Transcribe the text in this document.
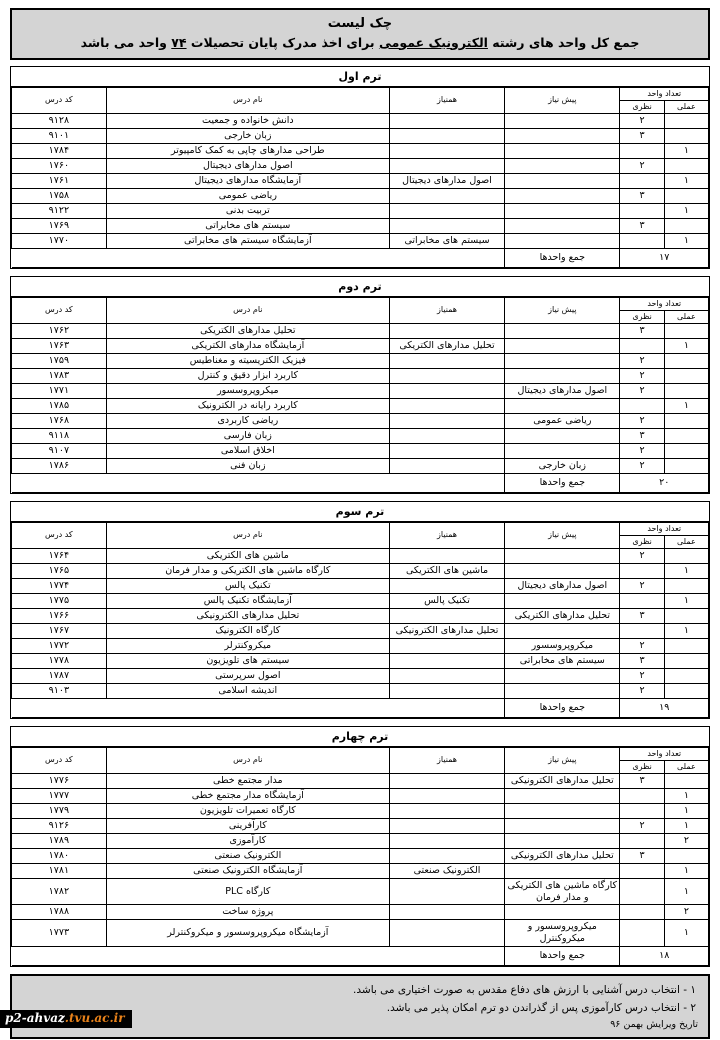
چک لیست
جمع کل واحد های رشته الکترونیک عمومی برای اخذ مدرک پایان تحصیلات ۷۴ واحد می باشد
ترم اول
تعداد واحد		پیش نیاز	همنیاز	نام درس	کد درس
عملی	نظری				
	۲			دانش خانواده و جمعیت	۹۱۲۸
	۳			زبان خارجی	۹۱۰۱
۱				طراحی مدارهای چاپی به کمک کامپیوتر	۱۷۸۴
	۲			اصول مدارهای دیجیتال	۱۷۶۰
۱			اصول مدارهای دیجیتال	آزمایشگاه مدارهای دیجیتال	۱۷۶۱
	۳			ریاضی عمومی	۱۷۵۸
۱				تربیت بدنی	۹۱۲۲
	۳			سیستم های مخابراتی	۱۷۶۹
۱			سیستم های مخابراتی	آزمایشگاه سیستم های مخابراتی	۱۷۷۰
۱۷		جمع واحدها			
ترم دوم
تعداد واحد		پیش نیاز	همنیاز	نام درس	کد درس
عملی	نظری				
	۳			تحلیل مدارهای الکتریکی	۱۷۶۲
۱			تحلیل مدارهای الکتریکی	آزمایشگاه مدارهای الکتریکی	۱۷۶۳
	۲			فیزیک الکتریسیته و مغناطیس	۱۷۵۹
	۲			کاربرد ابزار دقیق و کنترل	۱۷۸۳
	۲	اصول مدارهای دیجیتال		میکروپروسسور	۱۷۷۱
۱				کاربرد رایانه در الکترونیک	۱۷۸۵
	۲	ریاضی عمومی		ریاضی کاربردی	۱۷۶۸
	۳			زبان فارسی	۹۱۱۸
	۲			اخلاق اسلامی	۹۱۰۷
	۲	زبان خارجی		زبان فنی	۱۷۸۶
۲۰		جمع واحدها			
ترم سوم
تعداد واحد		پیش نیاز	همنیاز	نام درس	کد درس
عملی	نظری				
	۲			ماشین های الکتریکی	۱۷۶۴
۱			ماشین های الکتریکی	کارگاه ماشین های الکتریکی و مدار فرمان	۱۷۶۵
	۲	اصول مدارهای دیجیتال		تکنیک پالس	۱۷۷۴
۱			تکنیک پالس	آزمایشگاه تکنیک پالس	۱۷۷۵
	۳	تحلیل مدارهای الکتریکی		تحلیل مدارهای الکترونیکی	۱۷۶۶
۱			تحلیل مدارهای الکترونیکی	کارگاه الکترونیک	۱۷۶۷
	۲	میکروپروسسور		میکروکنترلر	۱۷۷۲
	۳	سیستم های مخابراتی		سیستم های تلویزیون	۱۷۷۸
	۲			اصول سرپرستی	۱۷۸۷
	۲			اندیشه اسلامی	۹۱۰۳
۱۹		جمع واحدها			
ترم چهارم
تعداد واحد		پیش نیاز	همنیاز	نام درس	کد درس
عملی	نظری				
	۳	تحلیل مدارهای الکترونیکی		مدار مجتمع خطی	۱۷۷۶
۱				آزمایشگاه مدار مجتمع خطی	۱۷۷۷
۱				کارگاه تعمیرات تلویزیون	۱۷۷۹
۱	۲			کارآفرینی	۹۱۲۶
۲				کارآموزی	۱۷۸۹
	۳	تحلیل مدارهای الکترونیکی		الکترونیک صنعتی	۱۷۸۰
۱			الکترونیک صنعتی	آزمایشگاه الکترونیک صنعتی	۱۷۸۱
۱		کارگاه ماشین های الکتریکی و مدار فرمان		کارگاه PLC	۱۷۸۲
۲				پروژه ساخت	۱۷۸۸
۱		میکروپروسسور و میکروکنترل		آزمایشگاه میکروپروسسور و میکروکنترلر	۱۷۷۳
۱۸		جمع واحدها			
۱ - انتخاب درس آشنایی با ارزش های دفاع مقدس به صورت اختیاری می باشد.
۲ - انتخاب درس کارآموزی پس از گذراندن دو ترم امکان پذیر می باشد.
تاریخ ویرایش بهمن ۹۶
p2-ahvaz.tvu.ac.ir
